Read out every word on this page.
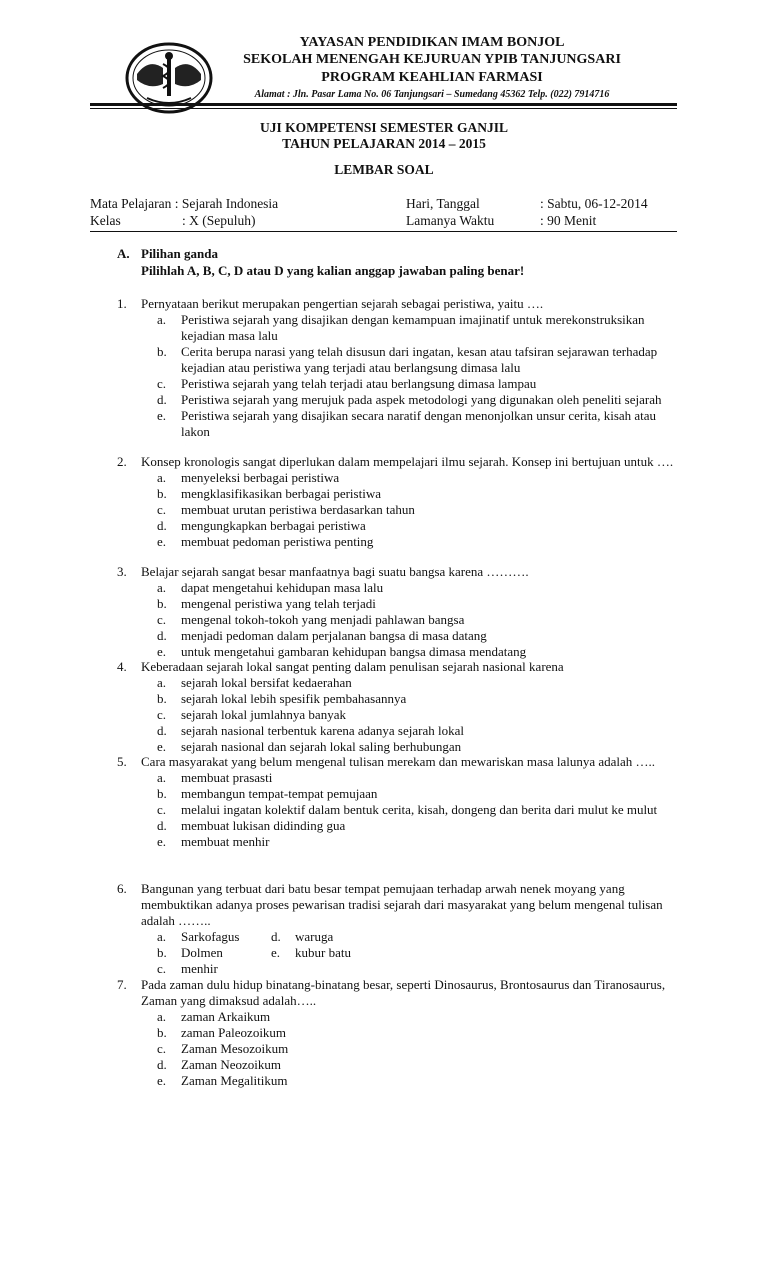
YAYASAN PENDIDIKAN IMAM BONJOL
SEKOLAH MENENGAH KEJURUAN YPIB TANJUNGSARI
PROGRAM KEAHLIAN FARMASI
Alamat : Jln. Pasar Lama No. 06 Tanjungsari – Sumedang 45362 Telp. (022) 7914716
UJI KOMPETENSI SEMESTER GANJIL
TAHUN PELAJARAN 2014 – 2015
LEMBAR SOAL
Mata Pelajaran : Sejarah Indonesia
Kelas	: X (Sepuluh)
Hari, Tanggal	: Sabtu, 06-12-2014
Lamanya Waktu	: 90 Menit
A. Pilihan ganda
Pilihlah A, B, C, D atau D yang kalian anggap jawaban paling benar!
1. Pernyataan berikut merupakan pengertian sejarah sebagai peristiwa, yaitu ….
a. Peristiwa sejarah yang disajikan dengan kemampuan imajinatif untuk merekonstruksikan kejadian masa lalu
b. Cerita berupa narasi yang telah disusun dari ingatan, kesan atau tafsiran sejarawan terhadap kejadian atau peristiwa yang terjadi atau berlangsung dimasa lalu
c. Peristiwa sejarah yang telah terjadi atau berlangsung dimasa lampau
d. Peristiwa sejarah yang merujuk pada aspek metodologi yang digunakan oleh peneliti sejarah
e. Peristiwa sejarah yang disajikan secara naratif dengan menonjolkan unsur cerita, kisah atau lakon
2. Konsep kronologis sangat diperlukan dalam mempelajari ilmu sejarah. Konsep ini bertujuan untuk ….
a. menyeleksi berbagai peristiwa
b. mengklasifikasikan berbagai peristiwa
c. membuat urutan peristiwa berdasarkan tahun
d. mengungkapkan berbagai peristiwa
e. membuat pedoman peristiwa penting
3. Belajar sejarah sangat besar manfaatnya bagi suatu bangsa karena ……….
a. dapat mengetahui kehidupan masa lalu
b. mengenal peristiwa yang telah terjadi
c. mengenal tokoh-tokoh yang menjadi pahlawan bangsa
d. menjadi pedoman dalam perjalanan bangsa di masa datang
e. untuk mengetahui gambaran kehidupan bangsa dimasa mendatang
4. Keberadaan sejarah lokal sangat penting dalam penulisan sejarah nasional karena
a. sejarah lokal bersifat kedaerahan
b. sejarah lokal lebih spesifik pembahasannya
c. sejarah lokal jumlahnya banyak
d. sejarah nasional terbentuk karena adanya sejarah lokal
e. sejarah nasional dan sejarah lokal saling berhubungan
5. Cara masyarakat yang belum mengenal tulisan merekam dan mewariskan masa lalunya adalah …..
a. membuat prasasti
b. membangun tempat-tempat pemujaan
c. melalui ingatan kolektif dalam bentuk cerita, kisah, dongeng dan berita dari mulut ke mulut
d. membuat lukisan didinding gua
e. membuat menhir
6. Bangunan yang terbuat dari batu besar tempat pemujaan terhadap arwah nenek moyang yang membuktikan adanya proses pewarisan tradisi sejarah dari masyarakat yang belum mengenal tulisan adalah ……..
a. Sarkofagus	d. waruga
b. Dolmen	e. kubur batu
c. menhir
7. Pada zaman dulu hidup binatang-binatang besar, seperti Dinosaurus, Brontosaurus dan Tiranosaurus, Zaman yang dimaksud adalah…..
a. zaman Arkaikum
b. zaman Paleozoikum
c. Zaman Mesozoikum
d. Zaman Neozoikum
e. Zaman Megalitikum
